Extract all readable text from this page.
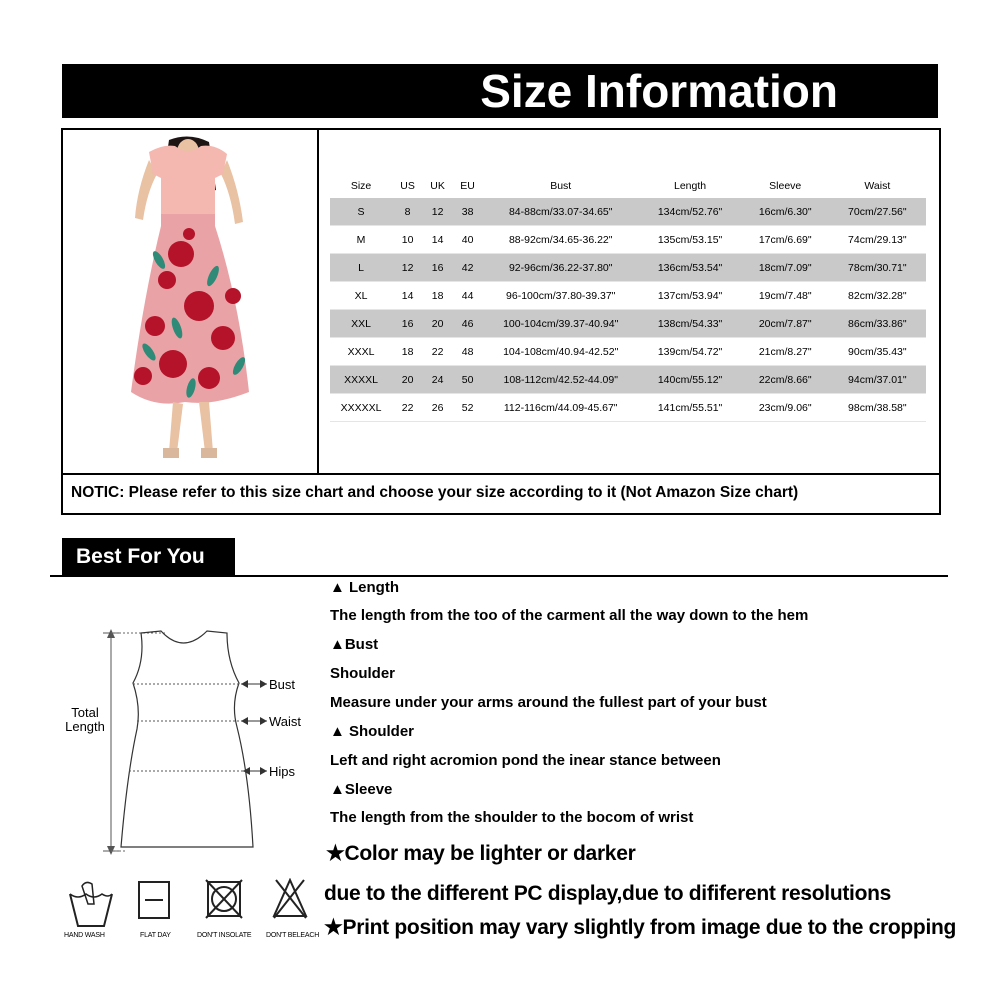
Size Information
Size	US	UK	EU	Bust	Length	Sleeve	Waist
S	8	12	38	84-88cm/33.07-34.65"	134cm/52.76"	16cm/6.30"	70cm/27.56"
M	10	14	40	88-92cm/34.65-36.22"	135cm/53.15"	17cm/6.69"	74cm/29.13"
L	12	16	42	92-96cm/36.22-37.80"	136cm/53.54"	18cm/7.09"	78cm/30.71"
XL	14	18	44	96-100cm/37.80-39.37"	137cm/53.94"	19cm/7.48"	82cm/32.28"
XXL	16	20	46	100-104cm/39.37-40.94"	138cm/54.33"	20cm/7.87"	86cm/33.86"
XXXL	18	22	48	104-108cm/40.94-42.52"	139cm/54.72"	21cm/8.27"	90cm/35.43"
XXXXL	20	24	50	108-112cm/42.52-44.09"	140cm/55.12"	22cm/8.66"	94cm/37.01"
XXXXXL	22	26	52	112-116cm/44.09-45.67"	141cm/55.51"	23cm/9.06"	98cm/38.58"
NOTIC: Please refer to this size chart and choose your size according to it (Not Amazon Size chart)
Best For You
Total
Length
Bust
Waist
Hips
▲ Length
The length from the too of the carment all the way down to the hem
▲Bust
Shoulder
Measure under your arms around the fullest part of your bust
▲ Shoulder
Left and right acromion pond the inear stance between
▲Sleeve
The length from the shoulder to the bocom of wrist
★Color may be lighter or darker
due to the different PC display,due to dififerent resolutions
★Print position may vary slightly from image due to the cropping
HAND WASH	FLAT DAY	DON'T INSOLATE DON'T BELEACH
